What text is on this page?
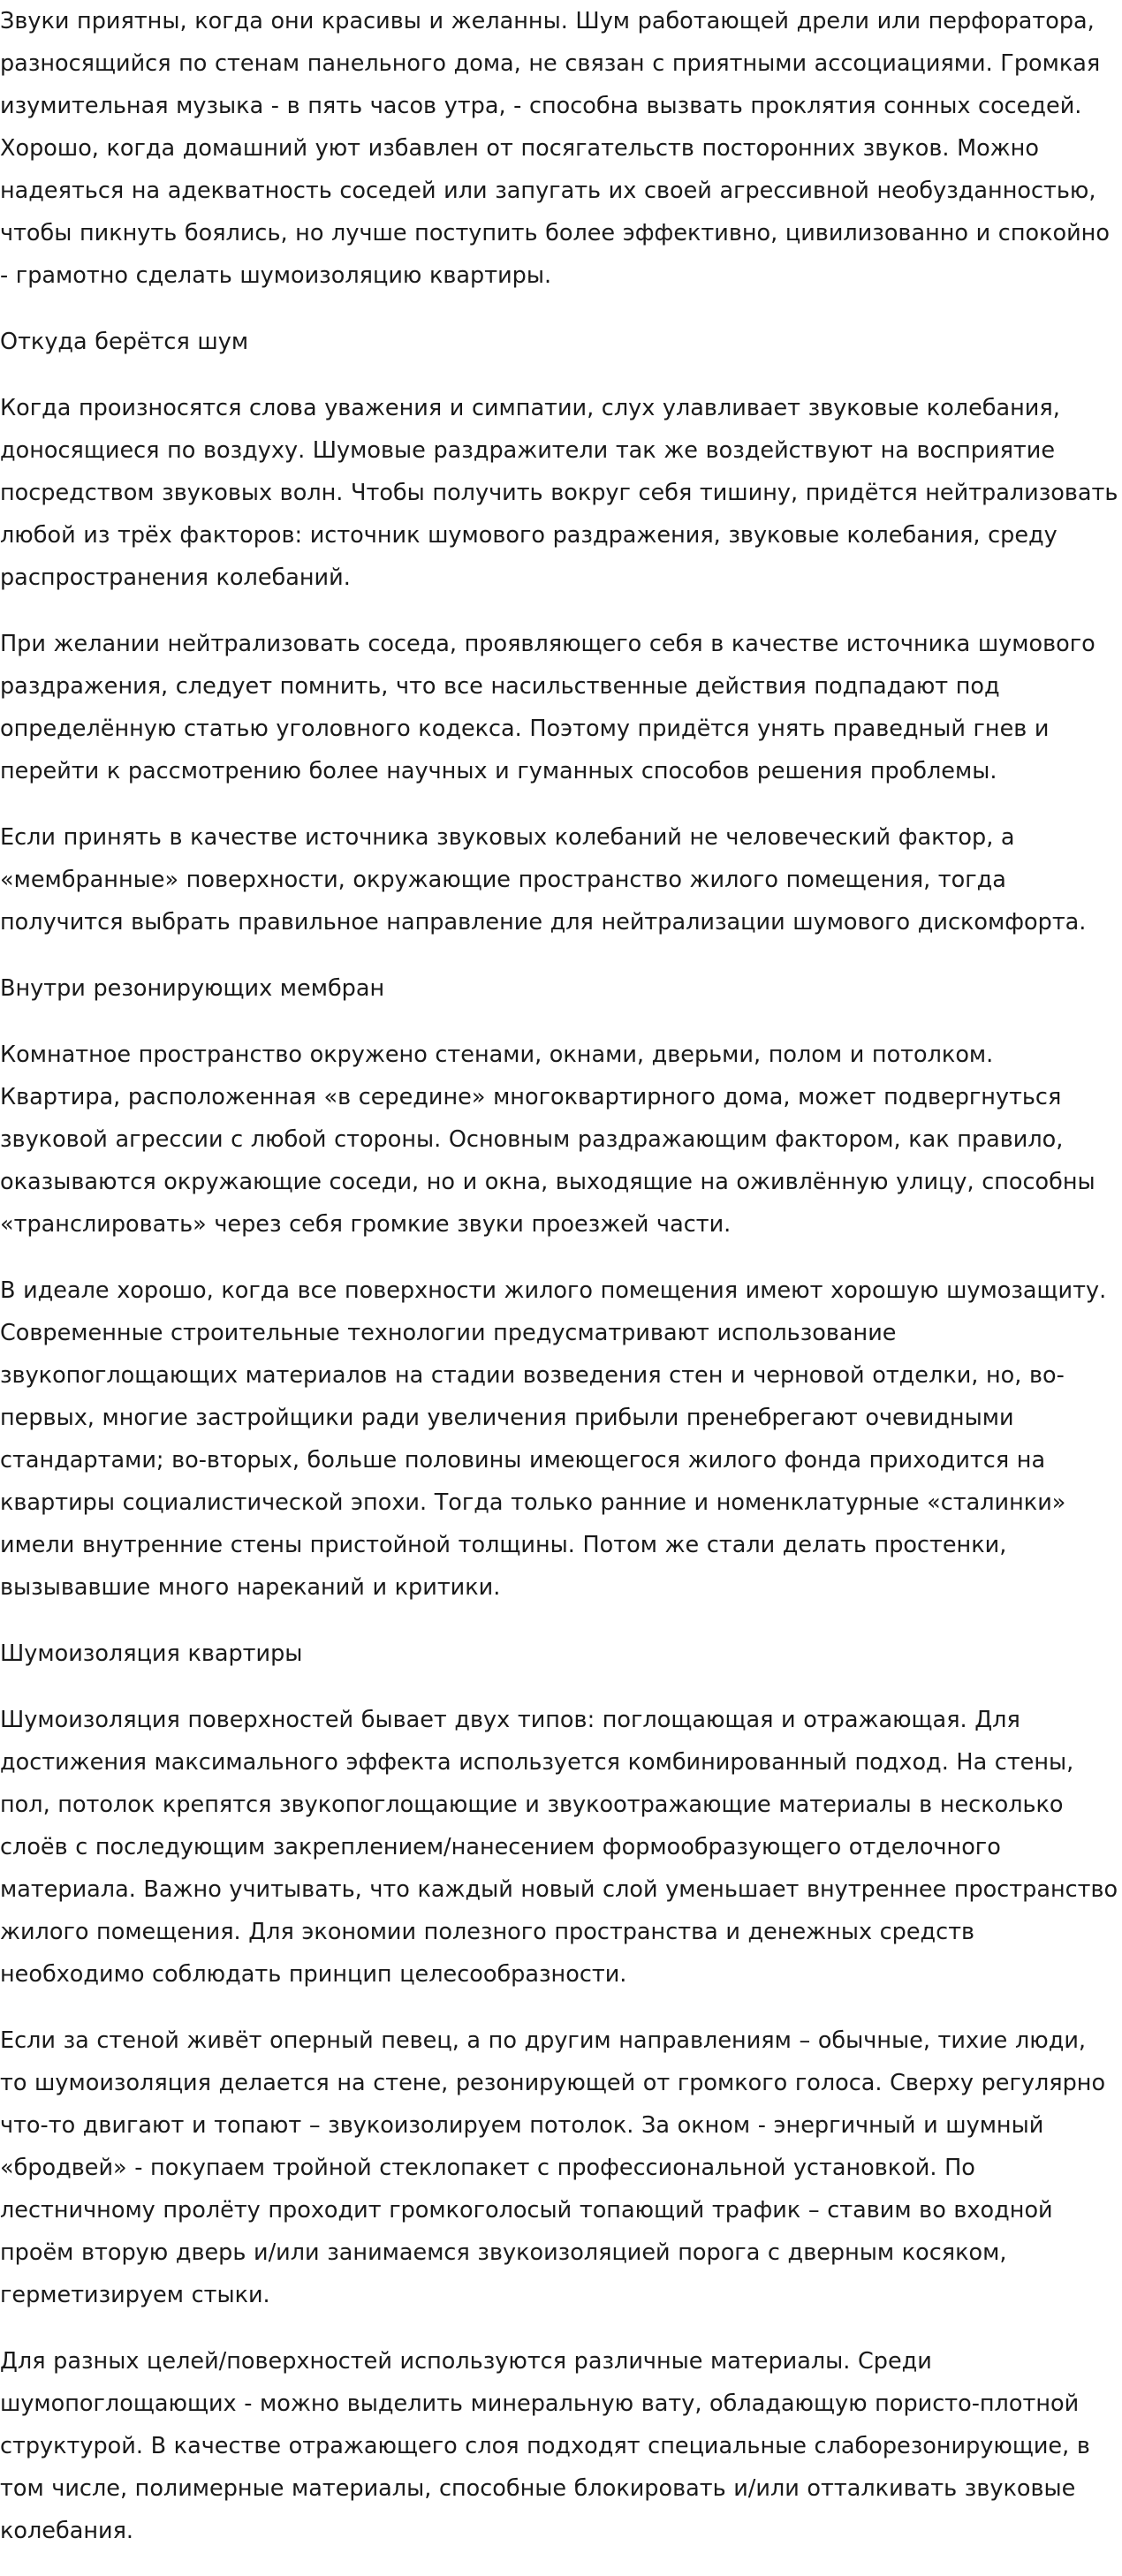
Звуки приятны, когда они красивы и желанны. Шум работающей дрели или перфоратора, разносящийся по стенам панельного дома, не связан с приятными ассоциациями. Громкая изумительная музыка - в пять часов утра, - способна вызвать проклятия сонных соседей. Хорошо, когда домашний уют избавлен от посягательств посторонних звуков. Можно надеяться на адекватность соседей или запугать их своей агрессивной необузданностью, чтобы пикнуть боялись, но лучше поступить более эффективно, цивилизованно и спокойно - грамотно сделать шумоизоляцию квартиры.

Откуда берётся шум

Когда произносятся слова уважения и симпатии, слух улавливает звуковые колебания, доносящиеся по воздуху. Шумовые раздражители так же воздействуют на восприятие посредством звуковых волн. Чтобы получить вокруг себя тишину, придётся нейтрализовать любой из трёх факторов: источник шумового раздражения, звуковые колебания, среду распространения колебаний.

При желании нейтрализовать соседа, проявляющего себя в качестве источника шумового раздражения, следует помнить, что все насильственные действия подпадают под определённую статью уголовного кодекса. Поэтому придётся унять праведный гнев и перейти к рассмотрению более научных и гуманных способов решения проблемы.

Если принять в качестве источника звуковых колебаний не человеческий фактор, а «мембранные» поверхности, окружающие пространство жилого помещения, тогда получится выбрать правильное направление для нейтрализации шумового дискомфорта.

Внутри резонирующих мембран

Комнатное пространство окружено стенами, окнами, дверьми, полом и потолком. Квартира, расположенная «в середине» многоквартирного дома, может подвергнуться звуковой агрессии с любой стороны. Основным раздражающим фактором, как правило, оказываются окружающие соседи, но и окна, выходящие на оживлённую улицу, способны «транслировать» через себя громкие звуки проезжей части.

В идеале хорошо, когда все поверхности жилого помещения имеют хорошую шумозащиту. Современные строительные технологии предусматривают использование звукопоглощающих материалов на стадии возведения стен и черновой отделки, но, во-первых, многие застройщики ради увеличения прибыли пренебрегают очевидными стандартами; во-вторых, больше половины имеющегося жилого фонда приходится на квартиры социалистической эпохи. Тогда только ранние и номенклатурные «сталинки» имели внутренние стены пристойной толщины. Потом же стали делать простенки, вызывавшие много нареканий и критики.

Шумоизоляция квартиры

Шумоизоляция поверхностей бывает двух типов: поглощающая и отражающая. Для достижения максимального эффекта используется комбинированный подход. На стены, пол, потолок крепятся звукопоглощающие и звукоотражающие материалы в несколько слоёв с последующим закреплением/нанесением формообразующего отделочного материала. Важно учитывать, что каждый новый слой уменьшает внутреннее пространство жилого помещения. Для экономии полезного пространства и денежных средств необходимо соблюдать принцип целесообразности.

Если за стеной живёт оперный певец, а по другим направлениям – обычные, тихие люди, то шумоизоляция делается на стене, резонирующей от громкого голоса. Сверху регулярно что-то двигают и топают – звукоизолируем потолок. За окном - энергичный и шумный «бродвей» - покупаем тройной стеклопакет с профессиональной установкой. По лестничному пролёту проходит громкоголосый топающий трафик – ставим во входной проём вторую дверь и/или занимаемся звукоизоляцией порога с дверным косяком, герметизируем стыки.

Для разных целей/поверхностей используются различные материалы. Среди шумопоглощающих - можно выделить минеральную вату, обладающую пористо-плотной структурой. В качестве отражающего слоя подходят специальные слаборезонирующие, в том числе, полимерные материалы, способные блокировать и/или отталкивать звуковые колебания.
